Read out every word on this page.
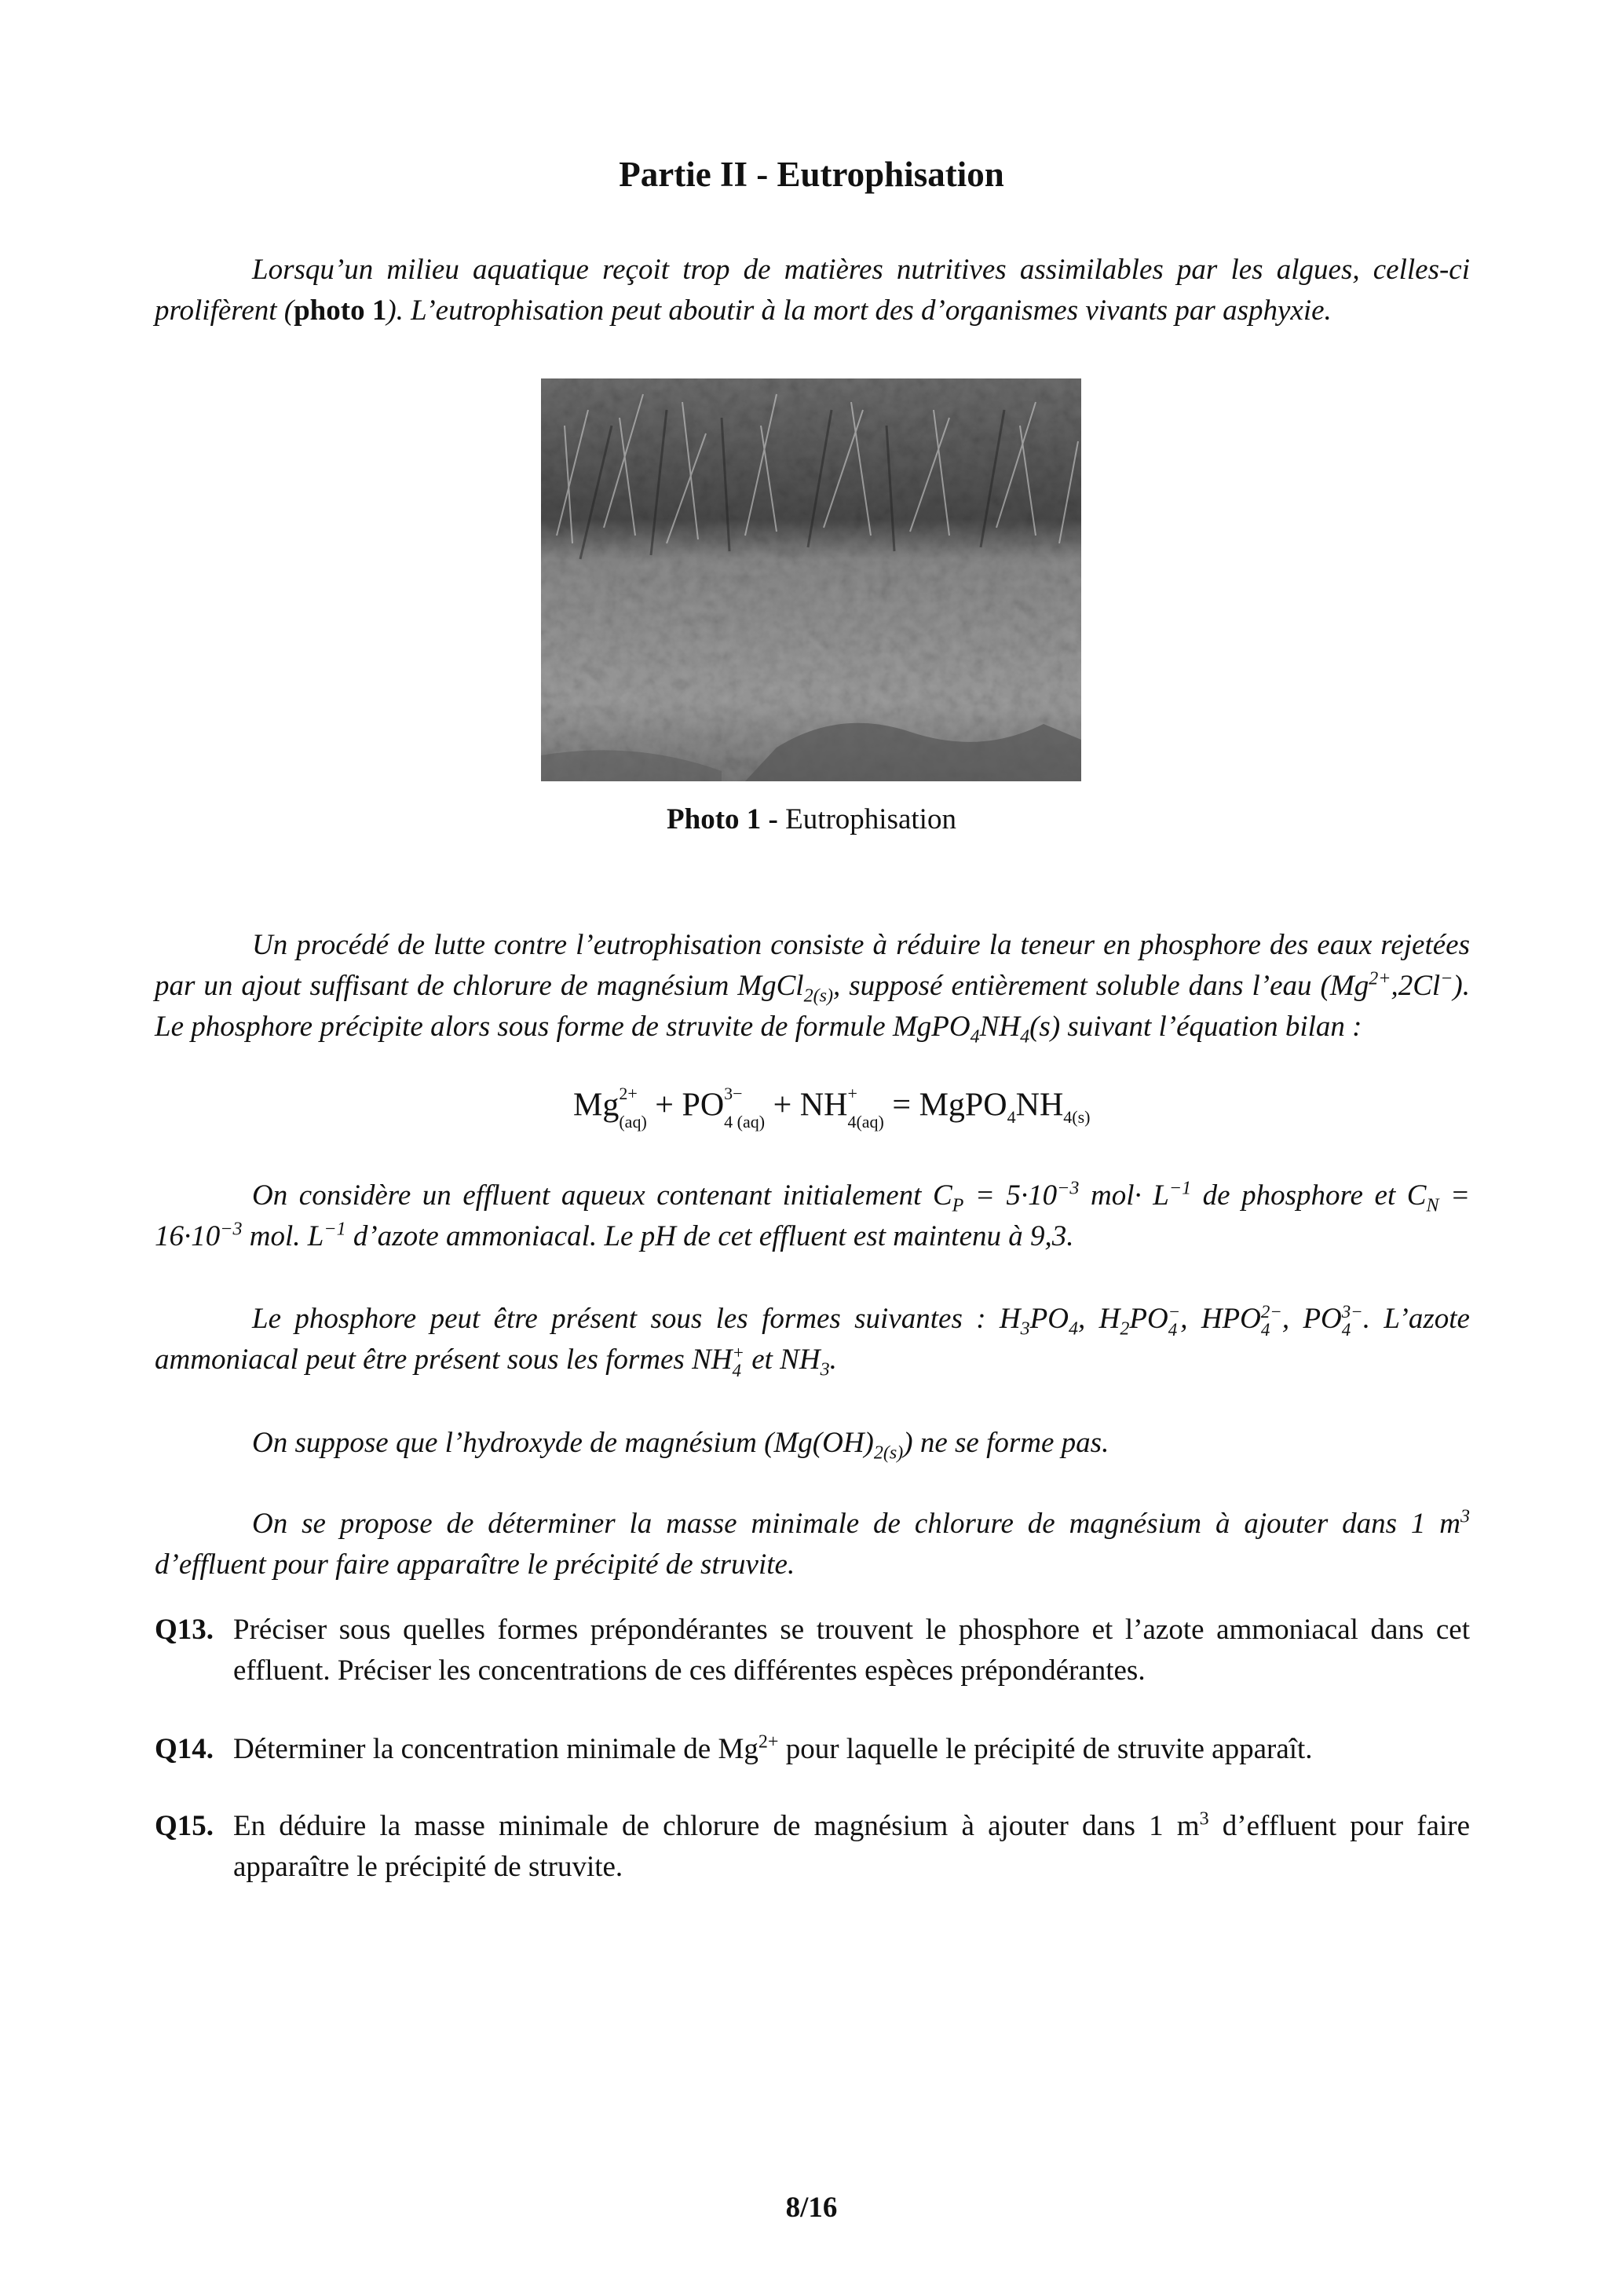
Partie II - Eutrophisation
Lorsqu’un milieu aquatique reçoit trop de matières nutritives assimilables par les algues, celles-ci prolifèrent (photo 1). L’eutrophisation peut aboutir à la mort des d’organismes vivants par asphyxie.
Photo 1 - Eutrophisation
Un procédé de lutte contre l’eutrophisation consiste à réduire la teneur en phosphore des eaux rejetées par un ajout suffisant de chlorure de magnésium MgCl$_{2(s)}$, supposé entièrement soluble dans l’eau $(Mg^{2+},2Cl^-)$. Le phosphore précipite alors sous forme de struvite de formule $MgPO_4NH_4(s)$ suivant l’équation bilan :
Mg 2+
(aq) + PO 3−
4 (aq) + NH +
$4(aq) = MgPO_4NH_{4(s)}$
On considère un effluent aqueux contenant initialement $C_P = 5\cdot 10^{-3}$ $mol\cdot L^{-1}$ de phosphore et $C_N = 16\cdot 10^{-3}$ mol. $L^{-1}$ d’azote ammoniacal. Le pH de cet effluent est maintenu à 9,3.
Le phosphore peut être présent sous les formes suivantes : $H_3PO_4$, $H_2PO$ −
4 , HPO 2−
4 , PO 3−
4 . L’azote ammoniacal peut être présent sous les formes NH +
4 et $NH_3$.
On suppose que l’hydroxyde de magnésium $(Mg(OH)_{2(s)})$ ne se forme pas.
On se propose de déterminer la masse minimale de chlorure de magnésium à ajouter dans 1 $m^3$ d’effluent pour faire apparaître le précipité de struvite.
Q13. Préciser sous quelles formes prépondérantes se trouvent le phosphore et l’azote ammoniacal dans cet effluent. Préciser les concentrations de ces différentes espèces prépondérantes.
Q14. Déterminer la concentration minimale de $Mg^{2+}$ pour laquelle le précipité de struvite apparaît.
Q15. En déduire la masse minimale de chlorure de magnésium à ajouter dans 1 $m^3$ d’effluent pour faire apparaître le précipité de struvite.
8/16
